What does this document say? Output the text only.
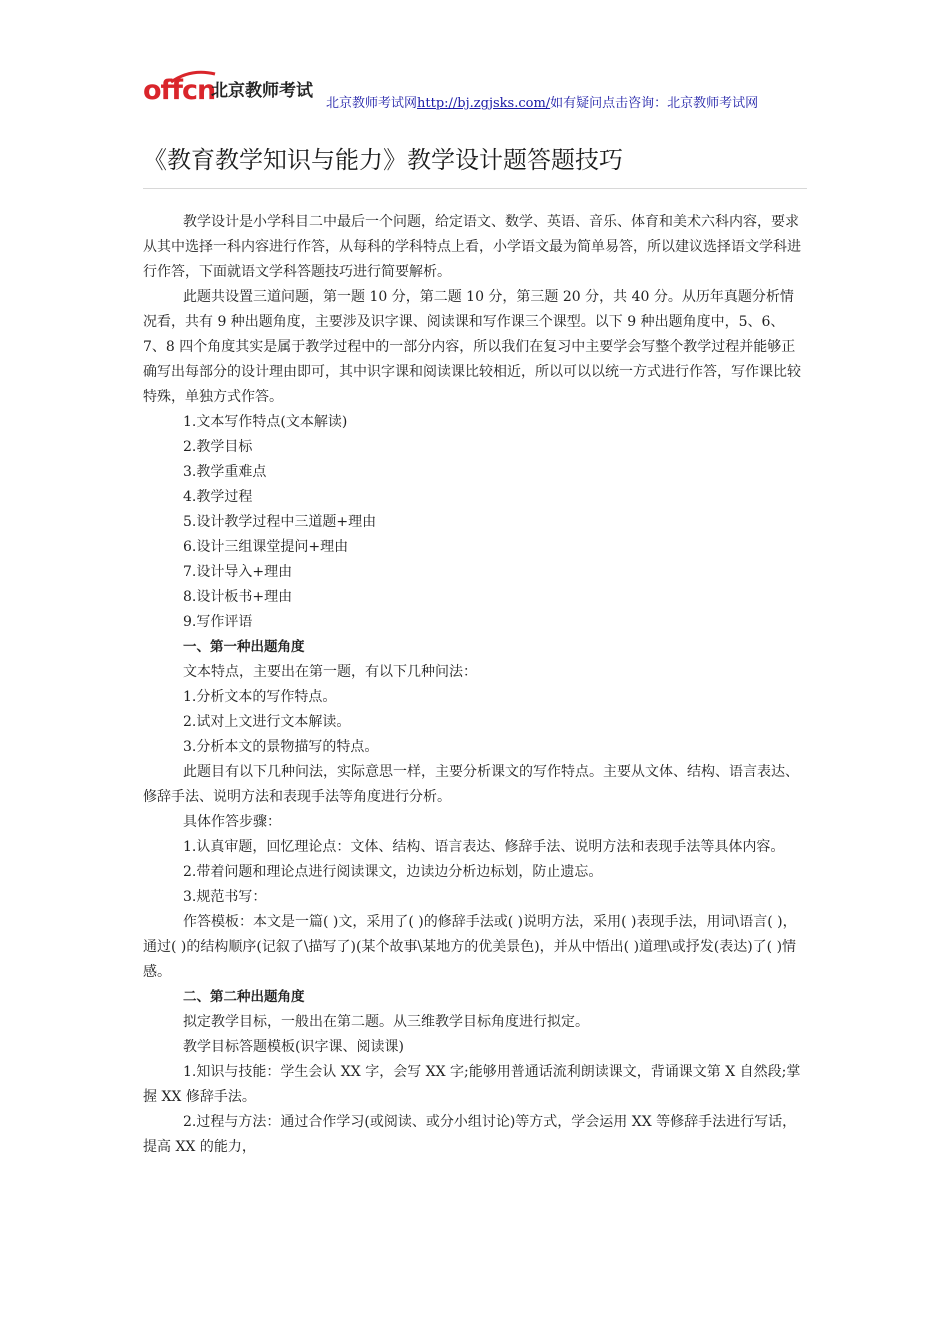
offcn
北京教师考试
北京教师考试网http://bj.zgjsks.com/如有疑问点击咨询：北京教师考试网
《教育教学知识与能力》教学设计题答题技巧

教学设计是小学科目二中最后一个问题，给定语文、数学、英语、音乐、体育和美术六科内容，要求从其中选择一科内容进行作答，从每科的学科特点上看，小学语文最为简单易答，所以建议选择语文学科进行作答，下面就语文学科答题技巧进行简要解析。

此题共设置三道问题，第一题 10 分，第二题 10 分，第三题 20 分，共 40 分。从历年真题分析情况看，共有 9 种出题角度，主要涉及识字课、阅读课和写作课三个课型。以下 9 种出题角度中，5、6、7、8 四个角度其实是属于教学过程中的一部分内容，所以我们在复习中主要学会写整个教学过程并能够正确写出每部分的设计理由即可，其中识字课和阅读课比较相近，所以可以以统一方式进行作答，写作课比较特殊，单独方式作答。

1.文本写作特点(文本解读)

2.教学目标

3.教学重难点

4.教学过程

5.设计教学过程中三道题+理由

6.设计三组课堂提问+理由

7.设计导入+理由

8.设计板书+理由

9.写作评语

一、第一种出题角度

文本特点，主要出在第一题，有以下几种问法：

1.分析文本的写作特点。

2.试对上文进行文本解读。

3.分析本文的景物描写的特点。

此题目有以下几种问法，实际意思一样，主要分析课文的写作特点。主要从文体、结构、语言表达、修辞手法、说明方法和表现手法等角度进行分析。

具体作答步骤：

1.认真审题，回忆理论点：文体、结构、语言表达、修辞手法、说明方法和表现手法等具体内容。

2.带着问题和理论点进行阅读课文，边读边分析边标划，防止遗忘。

3.规范书写：

作答模板：本文是一篇( )文，采用了( )的修辞手法或( )说明方法，采用( )表现手法，用词\语言( )，通过( )的结构顺序(记叙了\描写了)(某个故事\某地方的优美景色)，并从中悟出( )道理\或抒发(表达)了( )情感。

二、第二种出题角度

拟定教学目标，一般出在第二题。从三维教学目标角度进行拟定。

教学目标答题模板(识字课、阅读课)

1.知识与技能：学生会认 XX 字，会写 XX 字;能够用普通话流利朗读课文，背诵课文第 X 自然段;掌握 XX 修辞手法。

2.过程与方法：通过合作学习(或阅读、或分小组讨论)等方式，学会运用 XX 等修辞手法进行写话，提高 XX 的能力，
